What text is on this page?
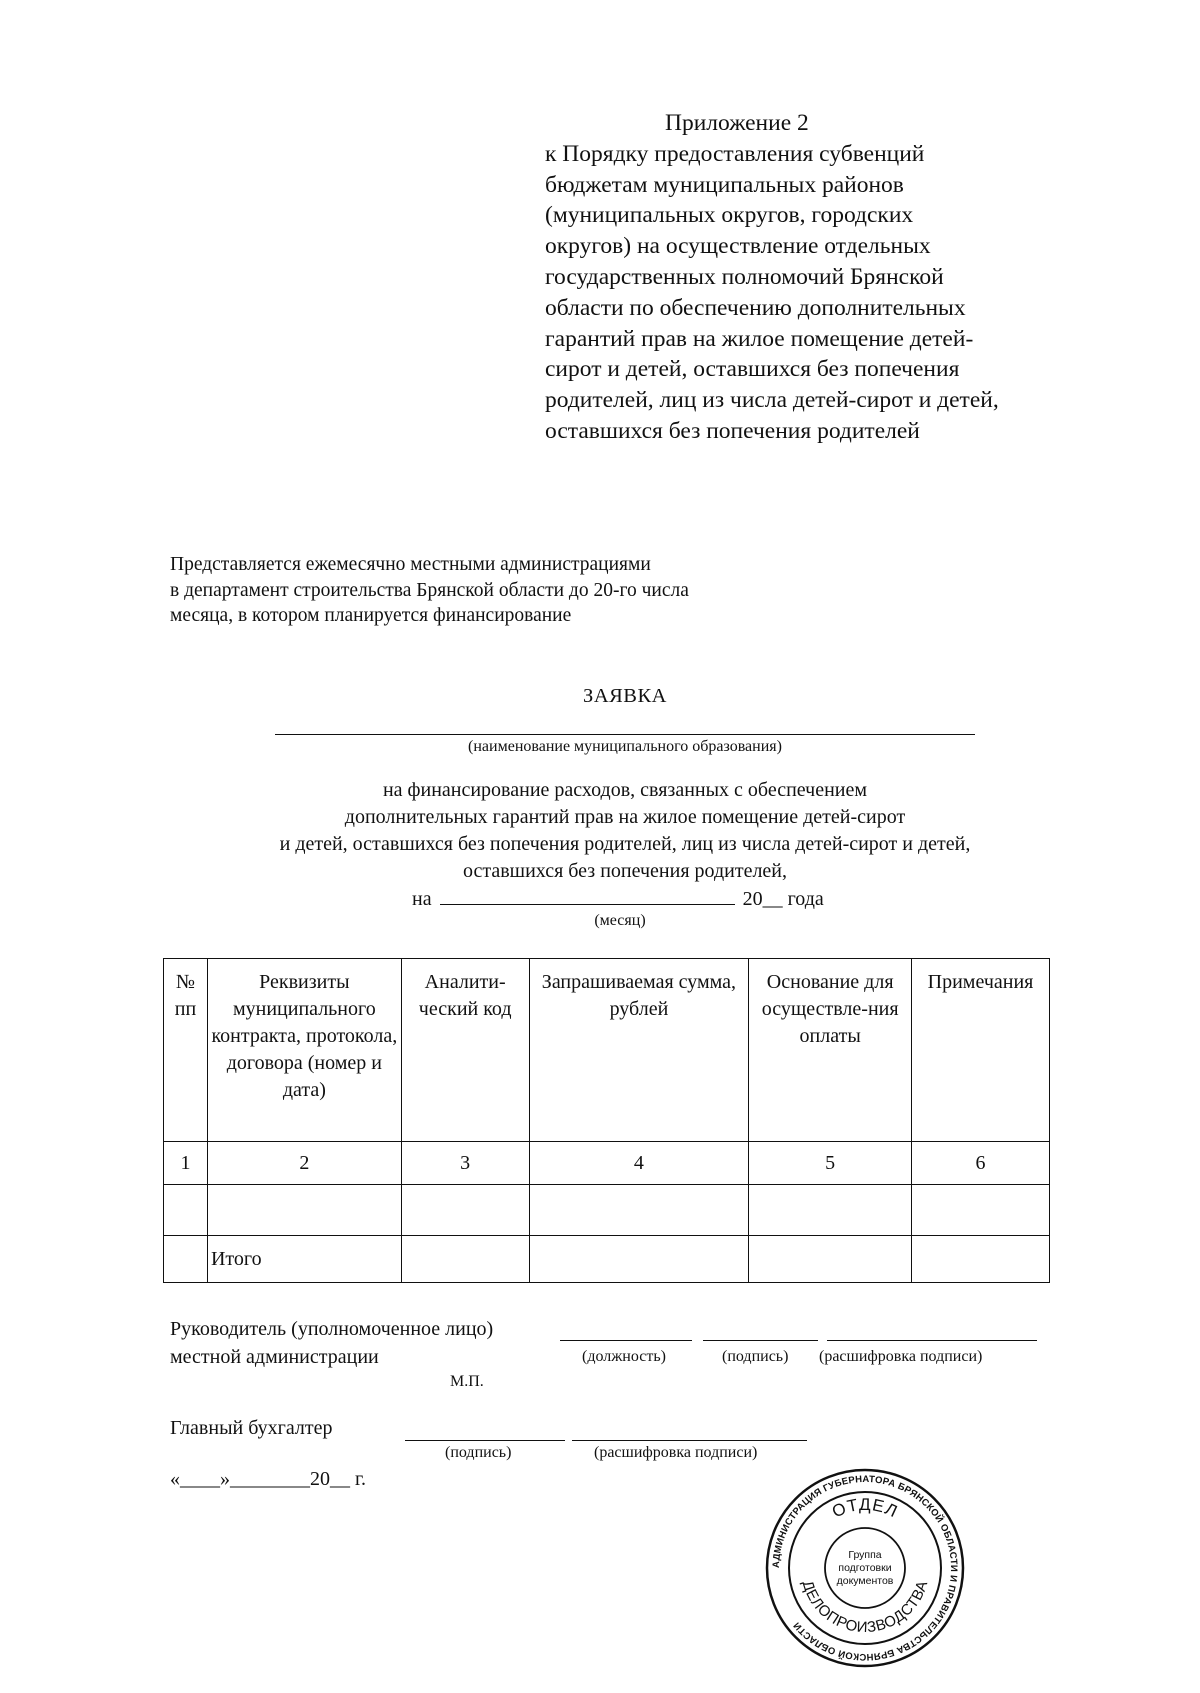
Приложение 2
к Порядку предоставления субвенций
бюджетам муниципальных районов
(муниципальных округов, городских
округов) на осуществление отдельных
государственных полномочий Брянской
области по обеспечению дополнительных
гарантий прав на жилое помещение детей-
сирот и детей, оставшихся без попечения
родителей, лиц из числа детей-сирот и детей,
оставшихся без попечения родителей
Представляется ежемесячно местными администрациями
в департамент строительства Брянской области до 20-го числа
месяца, в котором планируется финансирование
ЗАЯВКА
(наименование муниципального образования)
на финансирование расходов, связанных с обеспечением
дополнительных гарантий прав на жилое помещение детей-сирот
и детей, оставшихся без попечения родителей, лиц из числа детей-сирот и детей,
оставшихся без попечения родителей,
на	20__ года
(месяц)
№ пп	Реквизиты муниципального контракта, протокола, договора (номер и дата)	Аналити-ческий код	Запрашиваемая сумма, рублей	Основание для осуществле-ния оплаты	Примечания
1	2	3	4	5	6

	Итого				
Руководитель (уполномоченное лицо)
местной администрации	(должность)	(подпись) (расшифровка подписи)
М.П.
Главный бухгалтер
(подпись)	(расшифровка подписи)
«____»________20__ г.
АДМИНИСТРАЦИЯ ГУБЕРНАТОРА БРЯНСКОЙ ОБЛАСТИ И ПРАВИТЕЛЬСТВА БРЯНСКОЙ ОБЛАСТИ
ОТДЕЛ
ДЕЛОПРОИЗВОДСТВА
Группа
подготовки
документов
